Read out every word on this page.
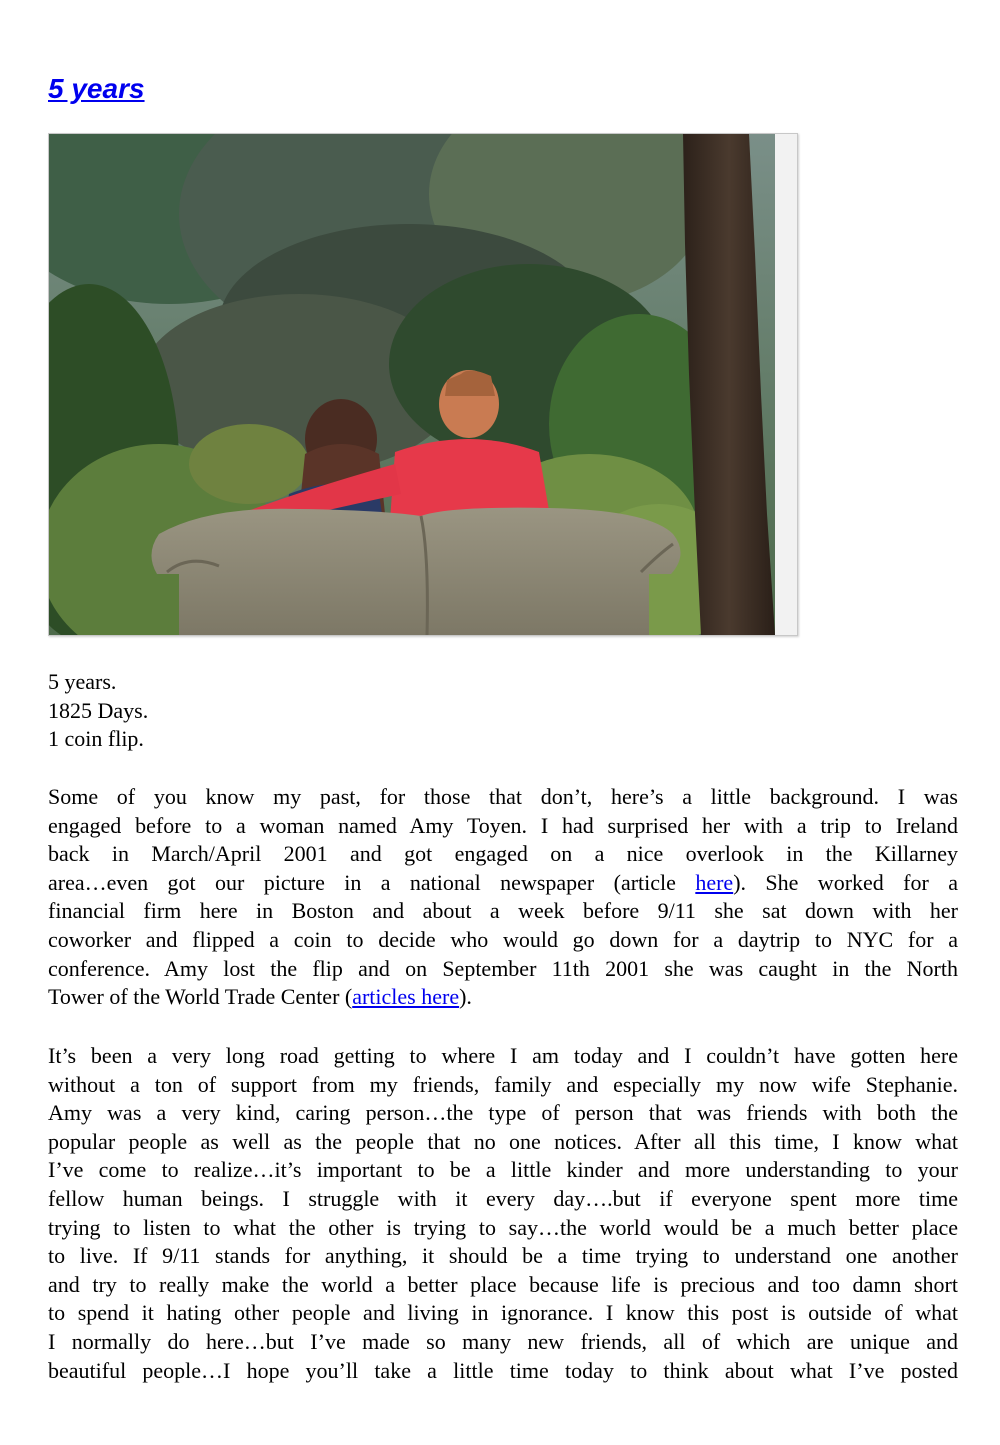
5 years
5 years.
1825 Days.
1 coin flip.
Some of you know my past, for those that don’t, here’s a little background. I was
engaged before to a woman named Amy Toyen. I had surprised her with a trip to Ireland
back in March/April 2001 and got engaged on a nice overlook in the Killarney
area…even got our picture in a national newspaper (article here). She worked for a
financial firm here in Boston and about a week before 9/11 she sat down with her
coworker and flipped a coin to decide who would go down for a daytrip to NYC for a
conference. Amy lost the flip and on September 11th 2001 she was caught in the North
Tower of the World Trade Center (articles here).
It’s been a very long road getting to where I am today and I couldn’t have gotten here
without a ton of support from my friends, family and especially my now wife Stephanie.
Amy was a very kind, caring person…the type of person that was friends with both the
popular people as well as the people that no one notices. After all this time, I know what
I’ve come to realize…it’s important to be a little kinder and more understanding to your
fellow human beings. I struggle with it every day….but if everyone spent more time
trying to listen to what the other is trying to say…the world would be a much better place
to live. If 9/11 stands for anything, it should be a time trying to understand one another
and try to really make the world a better place because life is precious and too damn short
to spend it hating other people and living in ignorance. I know this post is outside of what
I normally do here…but I’ve made so many new friends, all of which are unique and
beautiful people…I hope you’ll take a little time today to think about what I’ve posted
